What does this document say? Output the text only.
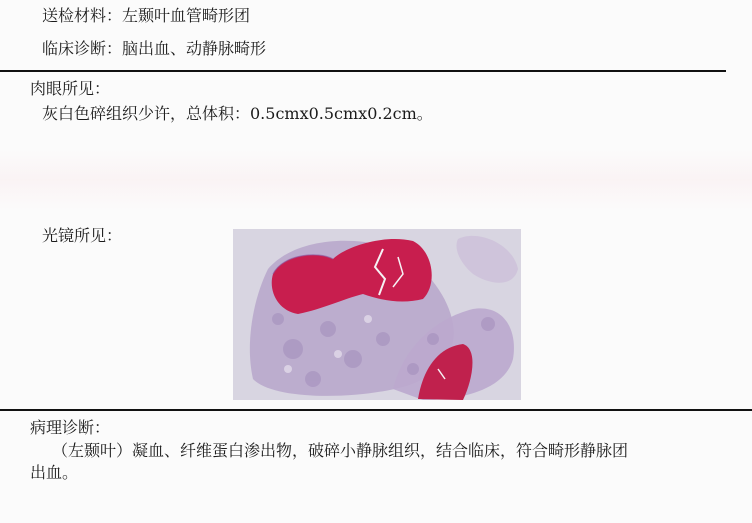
送检材料：左颞叶血管畸形团
临床诊断：脑出血、动静脉畸形
肉眼所见：
灰白色碎组织少许，总体积：0.5cmx0.5cmx0.2cm。
光镜所见：
病理诊断：
（左颞叶）凝血、纤维蛋白渗出物，破碎小静脉组织，结合临床，符合畸形静脉团
出血。
